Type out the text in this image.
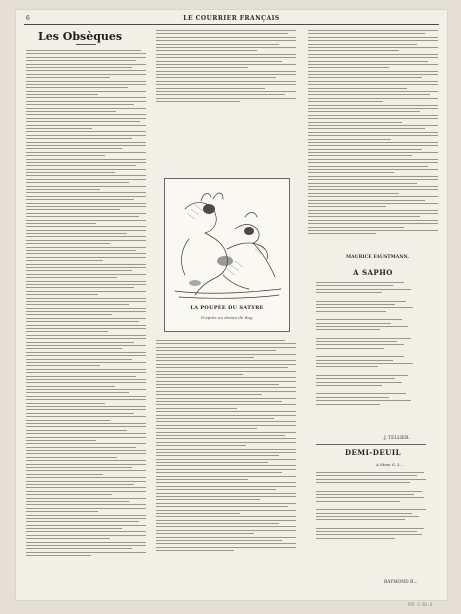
6	LE COURRIER FRANÇAIS
Les Obsèques
LA POUPÉE DU SATYRE
D'après un dessin de Roy.
MAURICE FAUSTMANN.
A SAPHO
J. TELLIER.
DEMI-DEUIL
A Mme G. L...
RAYMOND R...
PDF-C-B3-8
